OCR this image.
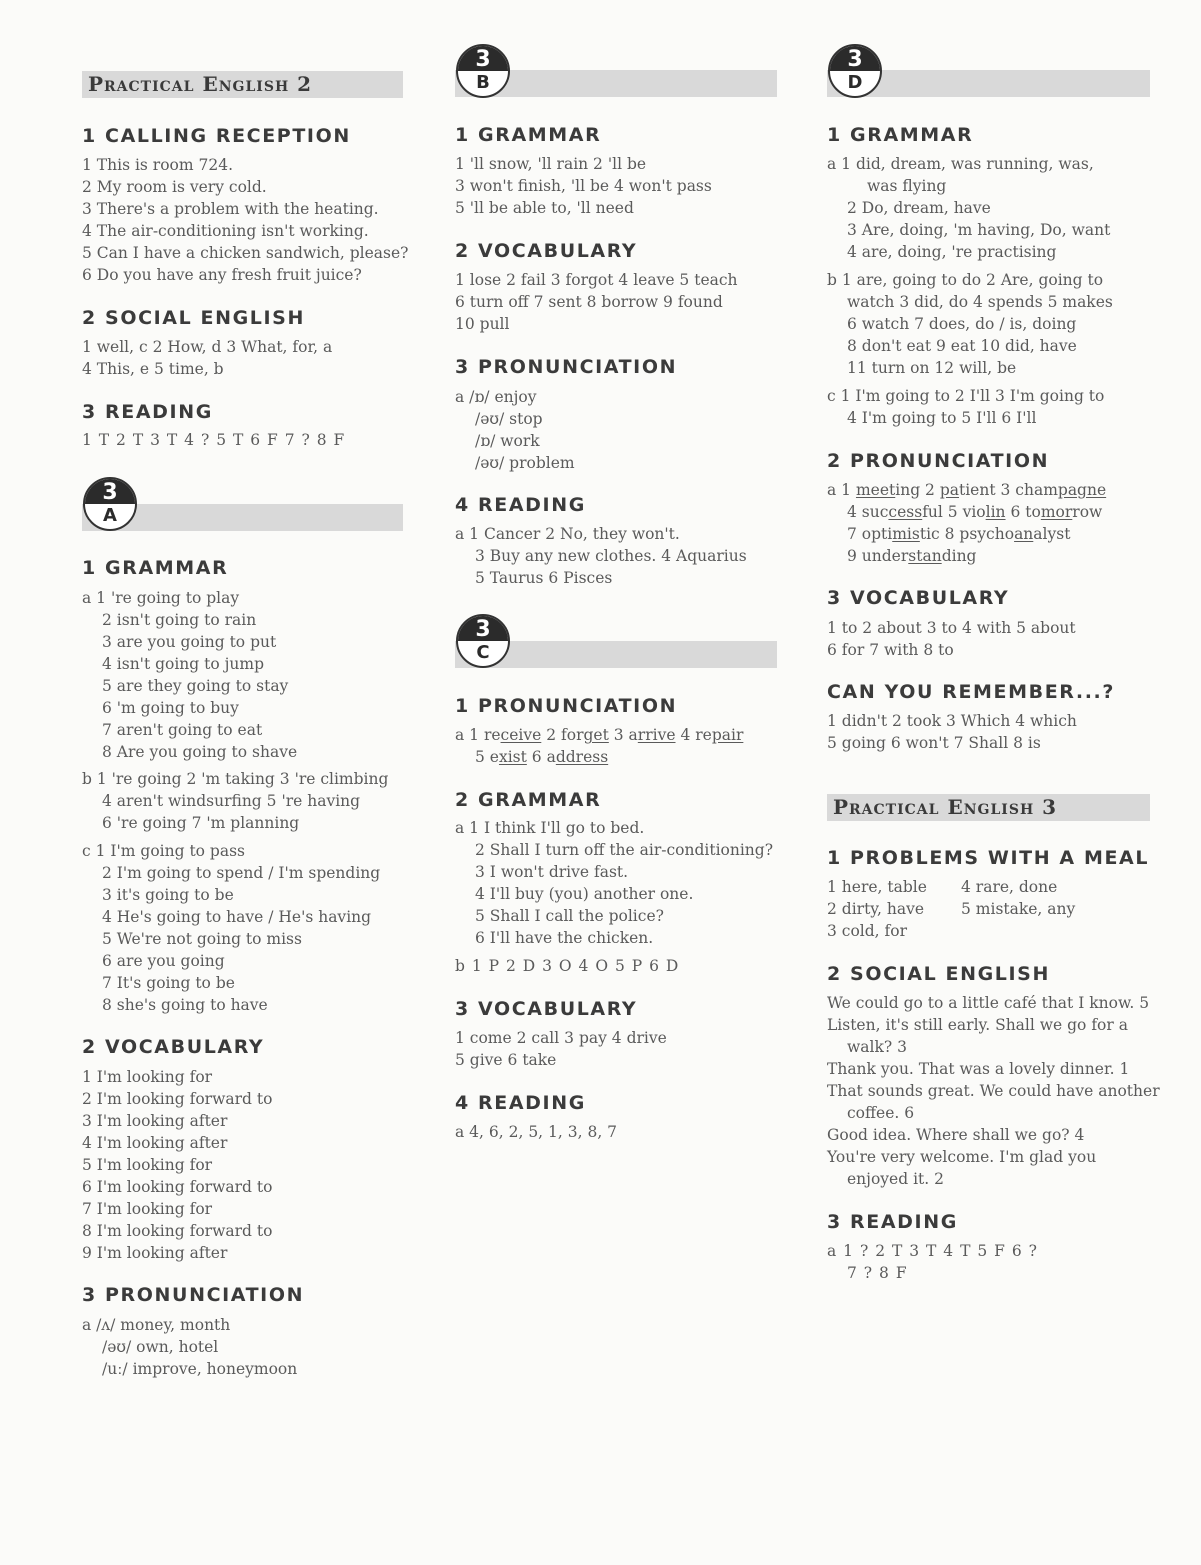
Practical English 2
1 CALLING RECEPTION

1 This is room 724.

2 My room is very cold.

3 There's a problem with the heating.

4 The air-conditioning isn't working.

5 Can I have a chicken sandwich, please?

6 Do you have any fresh fruit juice?

2 SOCIAL ENGLISH

1 well, c 2 How, d 3 What, for, a

4 This, e 5 time, b

3 READING

1 T 2 T 3 T 4 ? 5 T 6 F 7 ? 8 F

3
A
1 GRAMMAR

a 1 're going to play

2 isn't going to rain

3 are you going to put

4 isn't going to jump

5 are they going to stay

6 'm going to buy

7 aren't going to eat

8 Are you going to shave

b 1 're going 2 'm taking 3 're climbing

4 aren't windsurfing 5 're having

6 're going 7 'm planning

c 1 I'm going to pass

2 I'm going to spend / I'm spending

3 it's going to be

4 He's going to have / He's having

5 We're not going to miss

6 are you going

7 It's going to be

8 she's going to have

2 VOCABULARY

1 I'm looking for

2 I'm looking forward to

3 I'm looking after

4 I'm looking after

5 I'm looking for

6 I'm looking forward to

7 I'm looking for

8 I'm looking forward to

9 I'm looking after

3 PRONUNCIATION

a /ʌ/ money, month

/əʊ/ own, hotel

/uː/ improve, honeymoon

3
B
1 GRAMMAR

1 'll snow, 'll rain 2 'll be

3 won't finish, 'll be 4 won't pass

5 'll be able to, 'll need

2 VOCABULARY

1 lose 2 fail 3 forgot 4 leave 5 teach

6 turn off 7 sent 8 borrow 9 found

10 pull

3 PRONUNCIATION

a /ɒ/ enjoy

/əʊ/ stop

/ɒ/ work

/əʊ/ problem

4 READING

a 1 Cancer 2 No, they won't.

3 Buy any new clothes. 4 Aquarius

5 Taurus 6 Pisces

3
C
1 PRONUNCIATION

a 1 receive 2 forget 3 arrive 4 repair

5 exist 6 address

2 GRAMMAR

a 1 I think I'll go to bed.

2 Shall I turn off the air-conditioning?

3 I won't drive fast.

4 I'll buy (you) another one.

5 Shall I call the police?

6 I'll have the chicken.

b 1 P 2 D 3 O 4 O 5 P 6 D

3 VOCABULARY

1 come 2 call 3 pay 4 drive

5 give 6 take

4 READING

a 4, 6, 2, 5, 1, 3, 8, 7

3
D
1 GRAMMAR

a 1 did, dream, was running, was,

was flying

2 Do, dream, have

3 Are, doing, 'm having, Do, want

4 are, doing, 're practising

b 1 are, going to do 2 Are, going to

watch 3 did, do 4 spends 5 makes

6 watch 7 does, do / is, doing

8 don't eat 9 eat 10 did, have

11 turn on 12 will, be

c 1 I'm going to 2 I'll 3 I'm going to

4 I'm going to 5 I'll 6 I'll

2 PRONUNCIATION

a 1 meeting 2 patient 3 champagne

4 successful 5 violin 6 tomorrow

7 optimistic 8 psychoanalyst

9 understanding

3 VOCABULARY

1 to 2 about 3 to 4 with 5 about

6 for 7 with 8 to

CAN YOU REMEMBER...?

1 didn't 2 took 3 Which 4 which

5 going 6 won't 7 Shall 8 is

Practical English 3
1 PROBLEMS WITH A MEAL

1 here, table

2 dirty, have

3 cold, for

4 rare, done

5 mistake, any

2 SOCIAL ENGLISH

We could go to a little café that I know. 5

Listen, it's still early. Shall we go for a

walk? 3

Thank you. That was a lovely dinner. 1

That sounds great. We could have another

coffee. 6

Good idea. Where shall we go? 4

You're very welcome. I'm glad you

enjoyed it. 2

3 READING

a 1 ? 2 T 3 T 4 T 5 F 6 ?

7 ? 8 F
